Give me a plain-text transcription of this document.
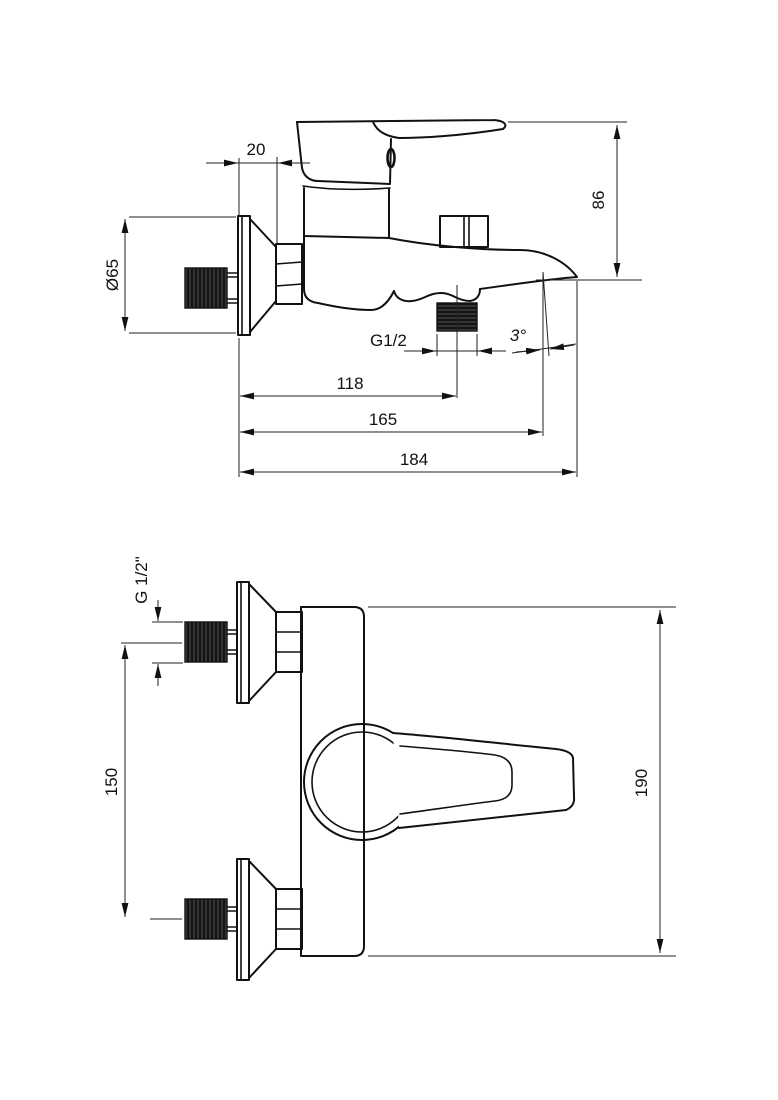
20
Ø65
86
G1/2	3°
118
165
184
G 1/2"
150	190
